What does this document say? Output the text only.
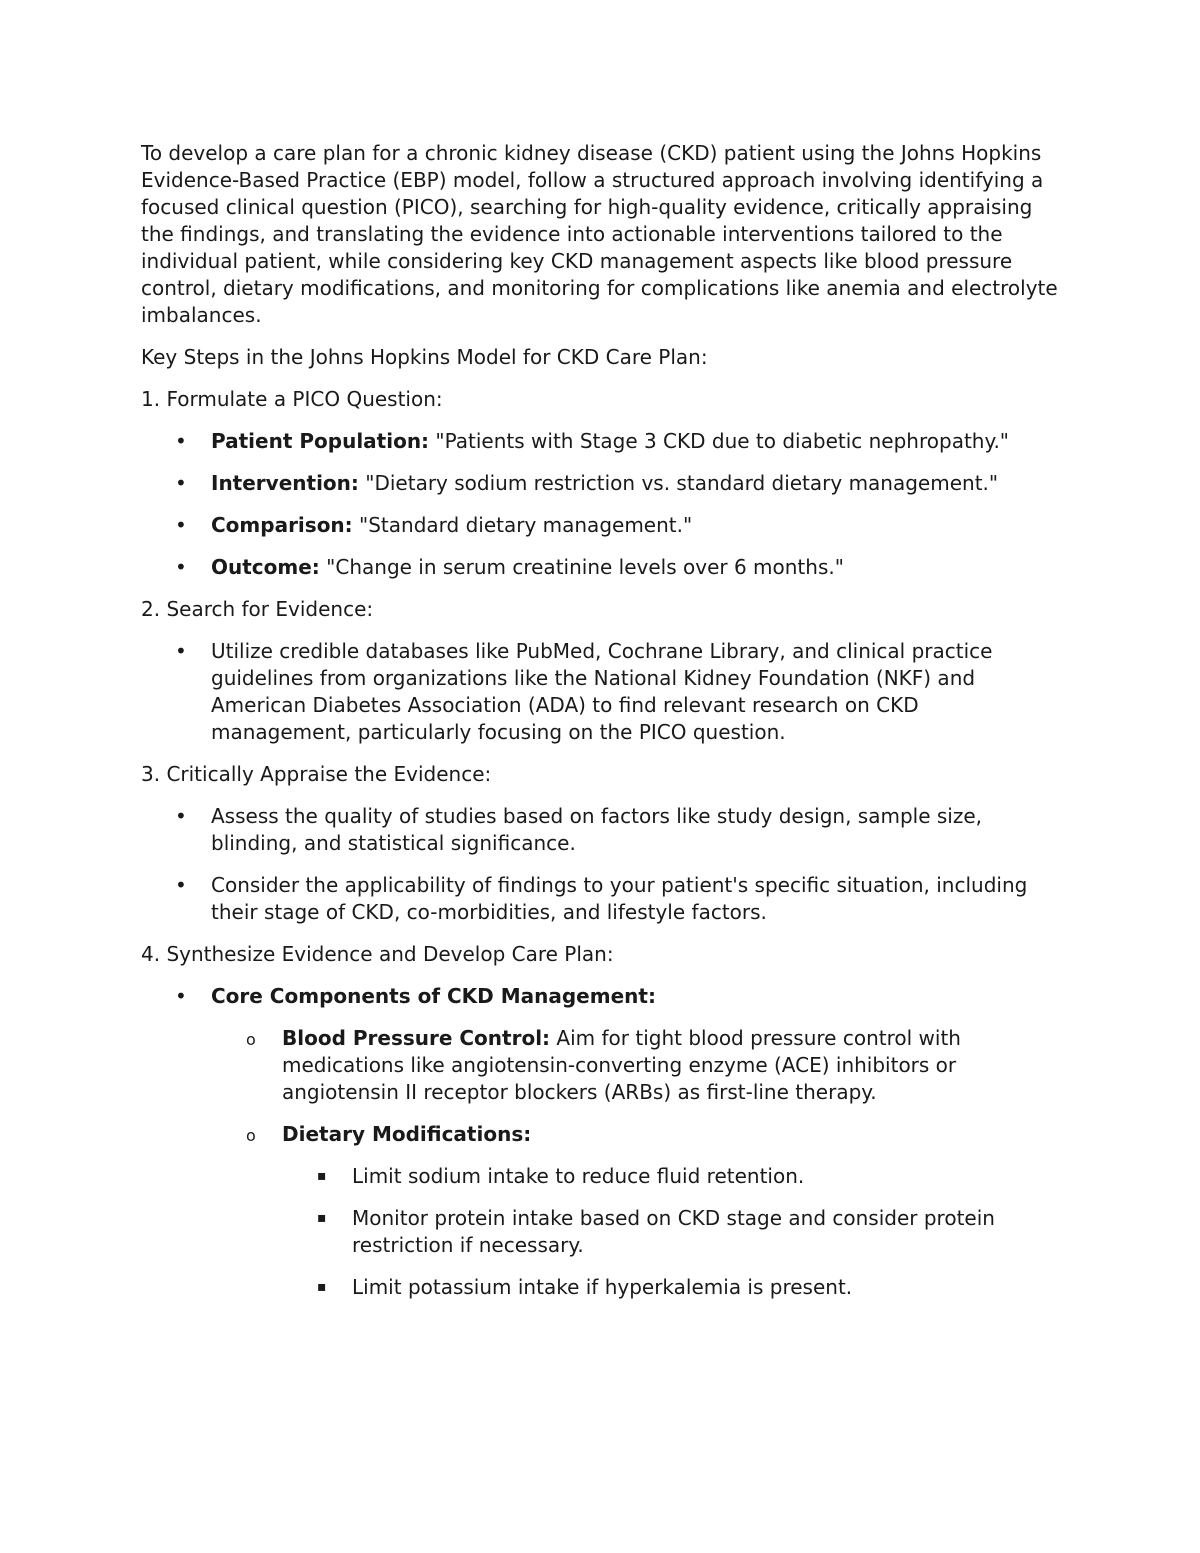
To develop a care plan for a chronic kidney disease (CKD) patient using the Johns Hopkins Evidence-Based Practice (EBP) model, follow a structured approach involving identifying a focused clinical question (PICO), searching for high-quality evidence, critically appraising the findings, and translating the evidence into actionable interventions tailored to the individual patient, while considering key CKD management aspects like blood pressure control, dietary modifications, and monitoring for complications like anemia and electrolyte imbalances.

Key Steps in the Johns Hopkins Model for CKD Care Plan:

1. Formulate a PICO Question:

• Patient Population: "Patients with Stage 3 CKD due to diabetic nephropathy."
• Intervention: "Dietary sodium restriction vs. standard dietary management."
• Comparison: "Standard dietary management."
• Outcome: "Change in serum creatinine levels over 6 months."

2. Search for Evidence:

• Utilize credible databases like PubMed, Cochrane Library, and clinical practice guidelines from organizations like the National Kidney Foundation (NKF) and American Diabetes Association (ADA) to find relevant research on CKD management, particularly focusing on the PICO question.

3. Critically Appraise the Evidence:

• Assess the quality of studies based on factors like study design, sample size, blinding, and statistical significance.
• Consider the applicability of findings to your patient's specific situation, including their stage of CKD, co-morbidities, and lifestyle factors.

4. Synthesize Evidence and Develop Care Plan:

• Core Components of CKD Management:
o Blood Pressure Control: Aim for tight blood pressure control with medications like angiotensin-converting enzyme (ACE) inhibitors or angiotensin II receptor blockers (ARBs) as first-line therapy.
o Dietary Modifications:
▪ Limit sodium intake to reduce fluid retention.
▪ Monitor protein intake based on CKD stage and consider protein restriction if necessary.
▪ Limit potassium intake if hyperkalemia is present.
